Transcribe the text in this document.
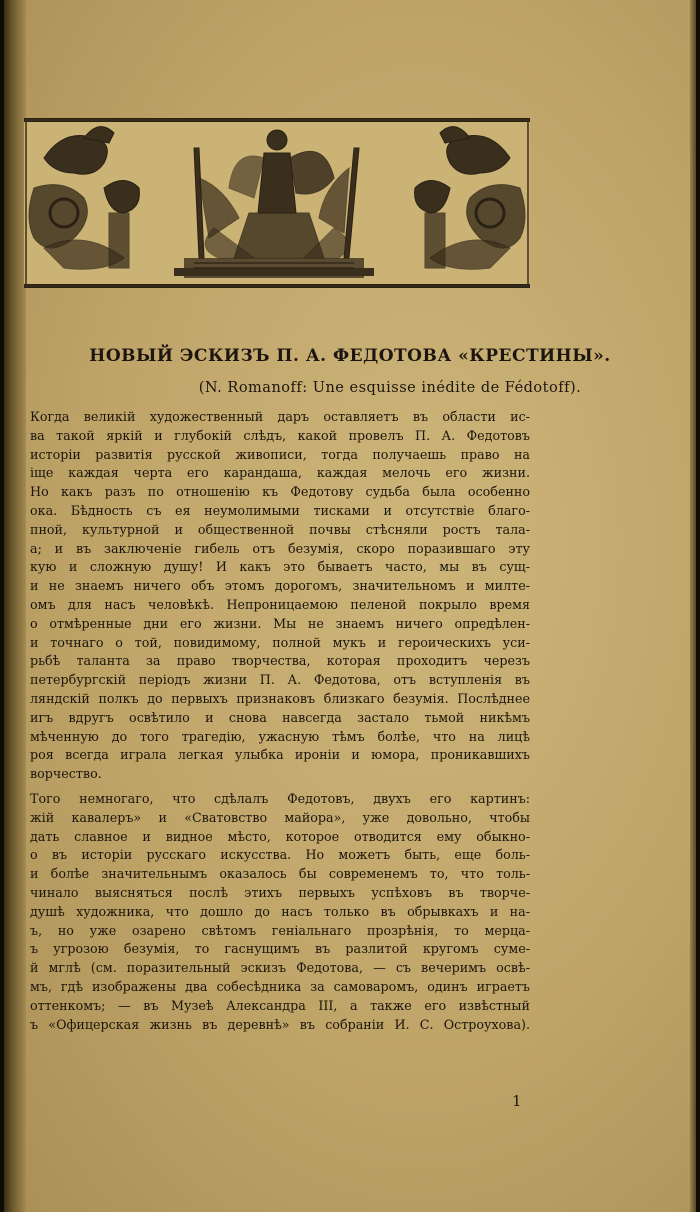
НОВЫЙ ЭСКИЗЪ П. А. ФЕДОТОВА «КРЕСТИНЫ».
(N. Romanoff: Une esquisse inédite de Fédotoff).
Когда великій художественный даръ оставляетъ въ области ис-
ва такой яркій и глубокій слѣдъ, какой провелъ П. А. Федотовъ
исторіи развитія русской живописи, тогда получаешь право на
іще каждая черта его карандаша, каждая мелочь его жизни.
Но какъ разъ по отношенію къ Федотову судьба была особенно
ока. Бѣдность съ ея неумолимыми тисками и отсутствіе благо-
пной, культурной и общественной почвы стѣсняли ростъ тала-
а; и въ заключеніе гибель отъ безумія, скоро поразившаго эту
кую и сложную душу! И какъ это бываетъ часто, мы въ сущ-
и не знаемъ ничего объ этомъ дорогомъ, значительномъ и милте-
омъ для насъ человѣкѣ. Непроницаемою пеленой покрыло время
о отмѣренные дни его жизни. Мы не знаемъ ничего опредѣлен-
и точнаго о той, повидимому, полной мукъ и героическихъ уси-
рьбѣ таланта за право творчества, которая проходитъ черезъ
петербургскій періодъ жизни П. А. Федотова, отъ вступленія въ
ляндскій полкъ до первыхъ признаковъ близкаго безумія. Послѣднее
игъ вдругъ освѣтило и снова навсегда застало тьмой никѣмъ
мѣченную до того трагедію, ужасную тѣмъ болѣе, что на лицѣ
роя всегда играла легкая улыбка ироніи и юмора, проникавшихъ
ворчество.
Того немногаго, что сдѣлалъ Федотовъ, двухъ его картинъ:
жій кавалеръ» и «Сватовство майора», уже довольно, чтобы
дать славное и видное мѣсто, которое отводится ему обыкно-
о въ исторіи русскаго искусства. Но можетъ быть, еще боль-
и болѣе значительнымъ оказалось бы современемъ то, что толь-
чинало выясняться послѣ этихъ первыхъ успѣховъ въ творче-
душѣ художника, что дошло до насъ только въ обрывкахъ и на-
ъ, но уже озарено свѣтомъ геніальнаго прозрѣнія, то мерца-
ъ угрозою безумія, то гаснущимъ въ разлитой кругомъ суме-
й мглѣ (см. поразительный эскизъ Федотова, — съ вечеримъ освѣ-
мъ, гдѣ изображены два собесѣдника за самоваромъ, одинъ играетъ
оттенкомъ; — въ Музеѣ Александра III, а также его извѣстный
ъ «Офицерская жизнь въ деревнѣ» въ собраніи И. С. Остроухова).
1
